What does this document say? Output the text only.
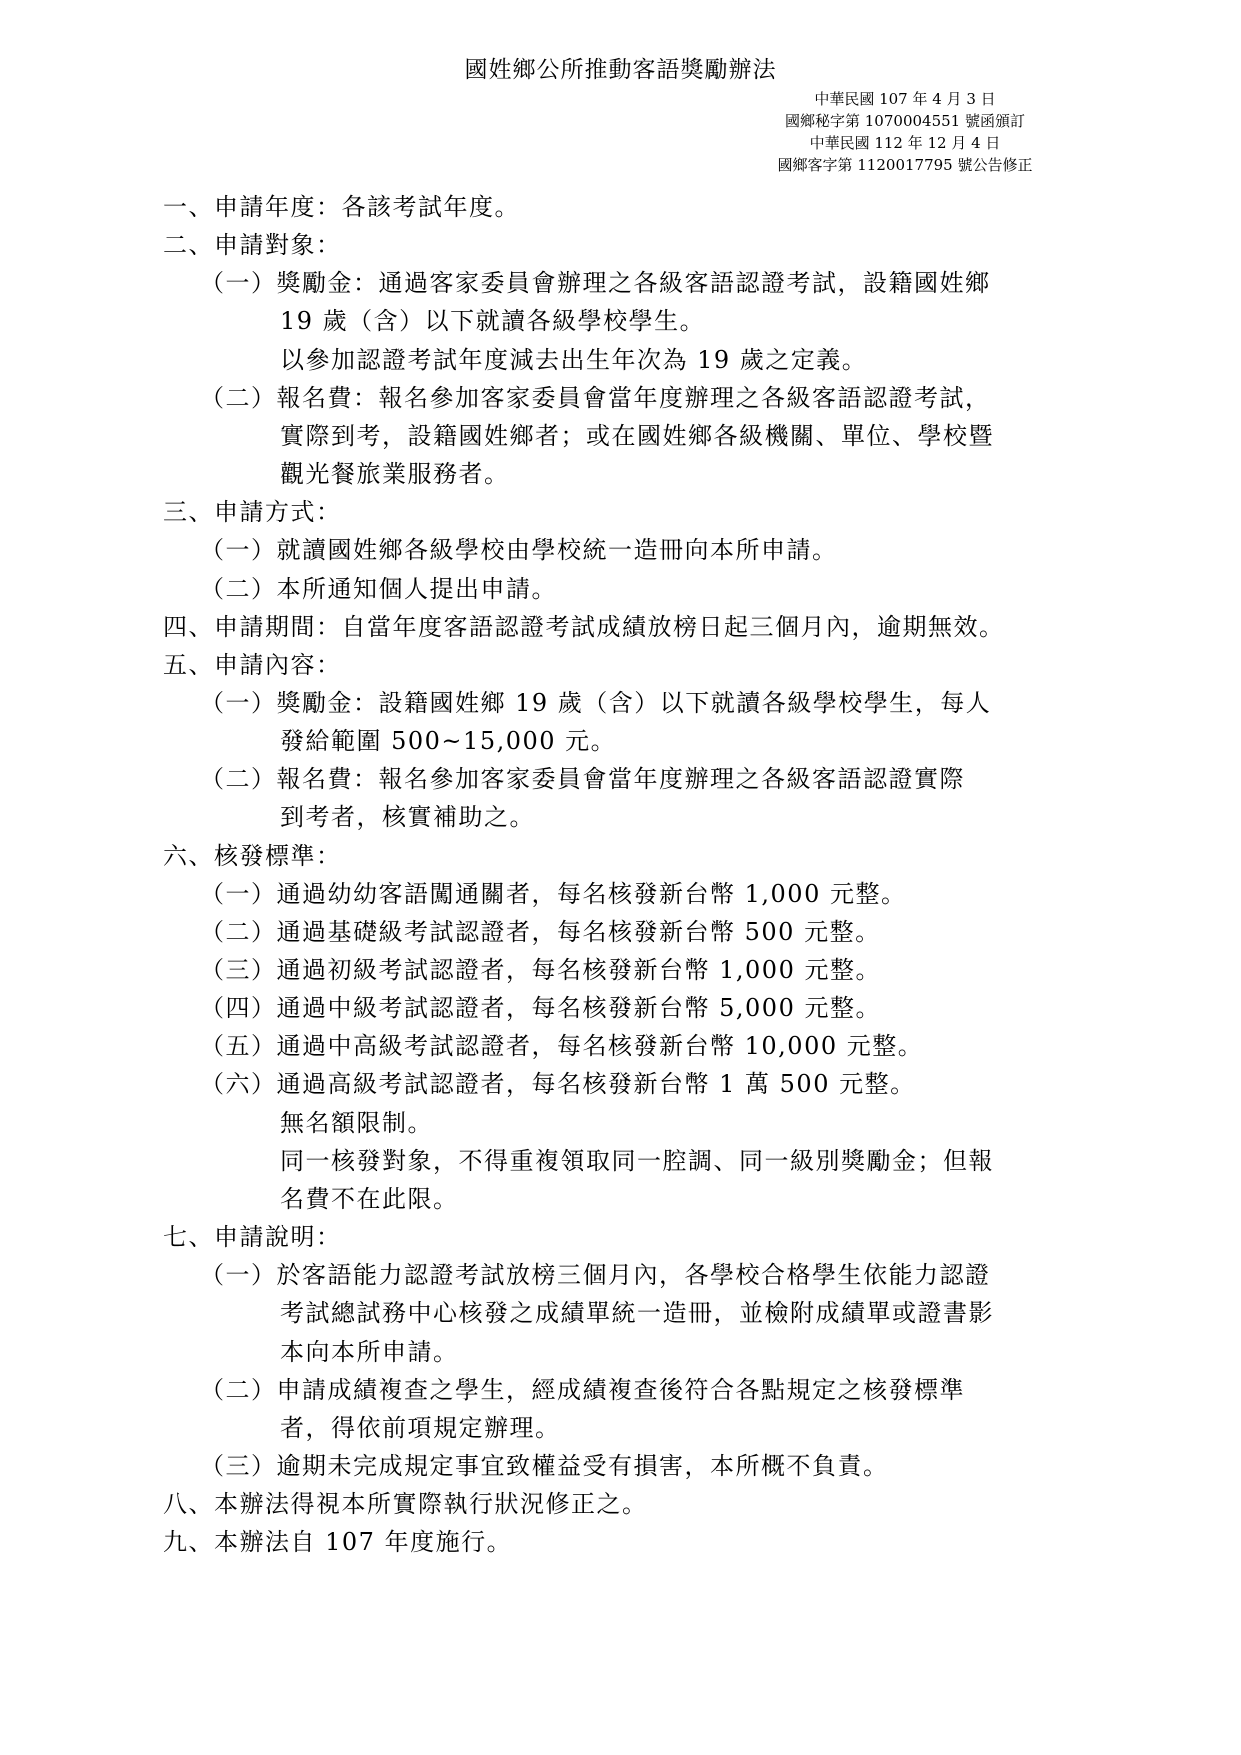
國姓鄉公所推動客語獎勵辦法
中華民國 107 年 4 月 3 日
國鄉秘字第 1070004551 號函頒訂
中華民國 112 年 12 月 4 日
國鄉客字第 1120017795 號公告修正
一、申請年度：各該考試年度。
二、申請對象：
（一）獎勵金：通過客家委員會辦理之各級客語認證考試，設籍國姓鄉
19 歲（含）以下就讀各級學校學生。
以參加認證考試年度減去出生年次為 19 歲之定義。
（二）報名費：報名參加客家委員會當年度辦理之各級客語認證考試，
實際到考，設籍國姓鄉者；或在國姓鄉各級機關、單位、學校暨
觀光餐旅業服務者。
三、申請方式：
（一）就讀國姓鄉各級學校由學校統一造冊向本所申請。
（二）本所通知個人提出申請。
四、申請期間：自當年度客語認證考試成績放榜日起三個月內，逾期無效。
五、申請內容：
（一）獎勵金：設籍國姓鄉 19 歲（含）以下就讀各級學校學生，每人
發給範圍 500~15,000 元。
（二）報名費：報名參加客家委員會當年度辦理之各級客語認證實際
到考者，核實補助之。
六、核發標準：
（一）通過幼幼客語闖通關者，每名核發新台幣 1,000 元整。
（二）通過基礎級考試認證者，每名核發新台幣 500 元整。
（三）通過初級考試認證者，每名核發新台幣 1,000 元整。
（四）通過中級考試認證者，每名核發新台幣 5,000 元整。
（五）通過中高級考試認證者，每名核發新台幣 10,000 元整。
（六）通過高級考試認證者，每名核發新台幣 1 萬 500 元整。
無名額限制。
同一核發對象，不得重複領取同一腔調、同一級別獎勵金；但報
名費不在此限。
七、申請說明：
（一）於客語能力認證考試放榜三個月內，各學校合格學生依能力認證
考試總試務中心核發之成績單統一造冊，並檢附成績單或證書影
本向本所申請。
（二）申請成績複查之學生，經成績複查後符合各點規定之核發標準
者，得依前項規定辦理。
（三）逾期未完成規定事宜致權益受有損害，本所概不負責。
八、本辦法得視本所實際執行狀況修正之。
九、本辦法自 107 年度施行。
